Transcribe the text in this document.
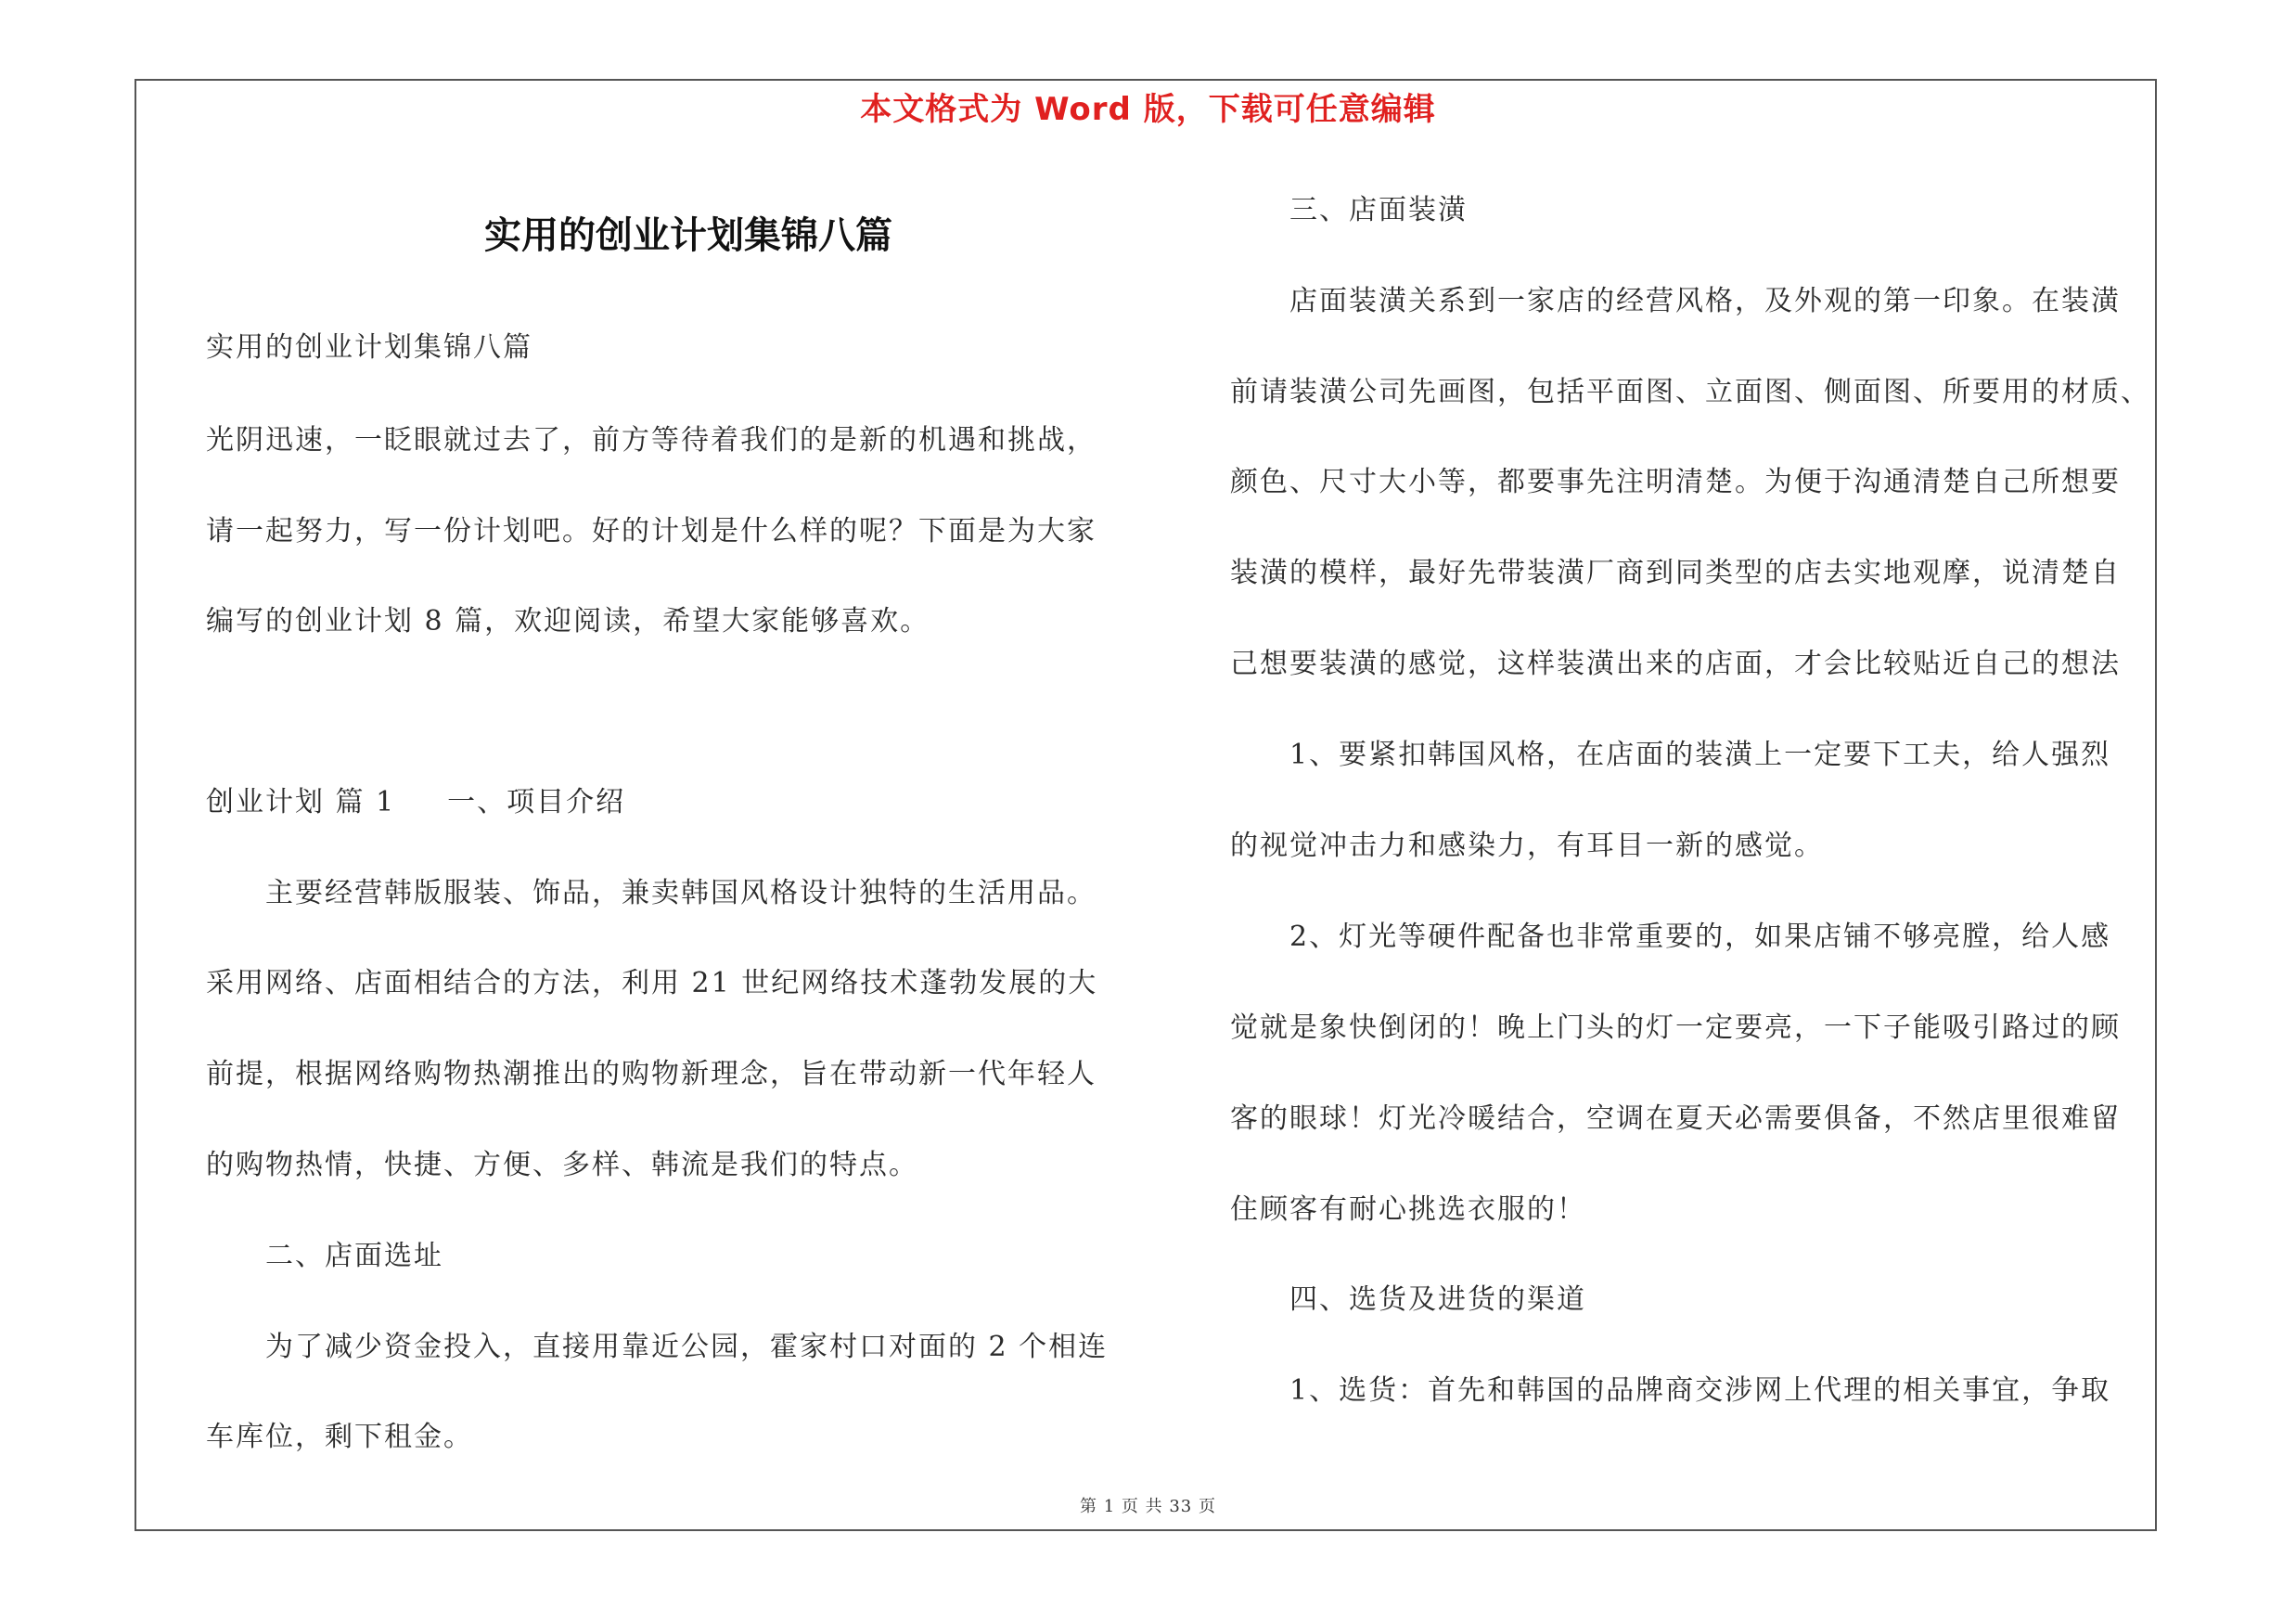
本文格式为 Word 版，下载可任意编辑
实用的创业计划集锦八篇
实用的创业计划集锦八篇
光阴迅速，一眨眼就过去了，前方等待着我们的是新的机遇和挑战，
请一起努力，写一份计划吧。好的计划是什么样的呢？下面是为大家
编写的创业计划 8 篇，欢迎阅读，希望大家能够喜欢。
创业计划 篇 1 一、项目介绍
主要经营韩版服装、饰品，兼卖韩国风格设计独特的生活用品。
采用网络、店面相结合的方法，利用 21 世纪网络技术蓬勃发展的大
前提，根据网络购物热潮推出的购物新理念，旨在带动新一代年轻人
的购物热情，快捷、方便、多样、韩流是我们的特点。
二、店面选址
为了减少资金投入，直接用靠近公园，霍家村口对面的 2 个相连
车库位，剩下租金。
三、店面装潢
店面装潢关系到一家店的经营风格，及外观的第一印象。在装潢
前请装潢公司先画图，包括平面图、立面图、侧面图、所要用的材质、
颜色、尺寸大小等，都要事先注明清楚。为便于沟通清楚自己所想要
装潢的模样，最好先带装潢厂商到同类型的店去实地观摩，说清楚自
己想要装潢的感觉，这样装潢出来的店面，才会比较贴近自己的想法
1、要紧扣韩国风格，在店面的装潢上一定要下工夫，给人强烈
的视觉冲击力和感染力，有耳目一新的感觉。
2、灯光等硬件配备也非常重要的，如果店铺不够亮膛，给人感
觉就是象快倒闭的！晚上门头的灯一定要亮，一下子能吸引路过的顾
客的眼球！灯光冷暖结合，空调在夏天必需要俱备，不然店里很难留
住顾客有耐心挑选衣服的！
四、选货及进货的渠道
1、选货：首先和韩国的品牌商交涉网上代理的相关事宜，争取
第 1 页 共 33 页
